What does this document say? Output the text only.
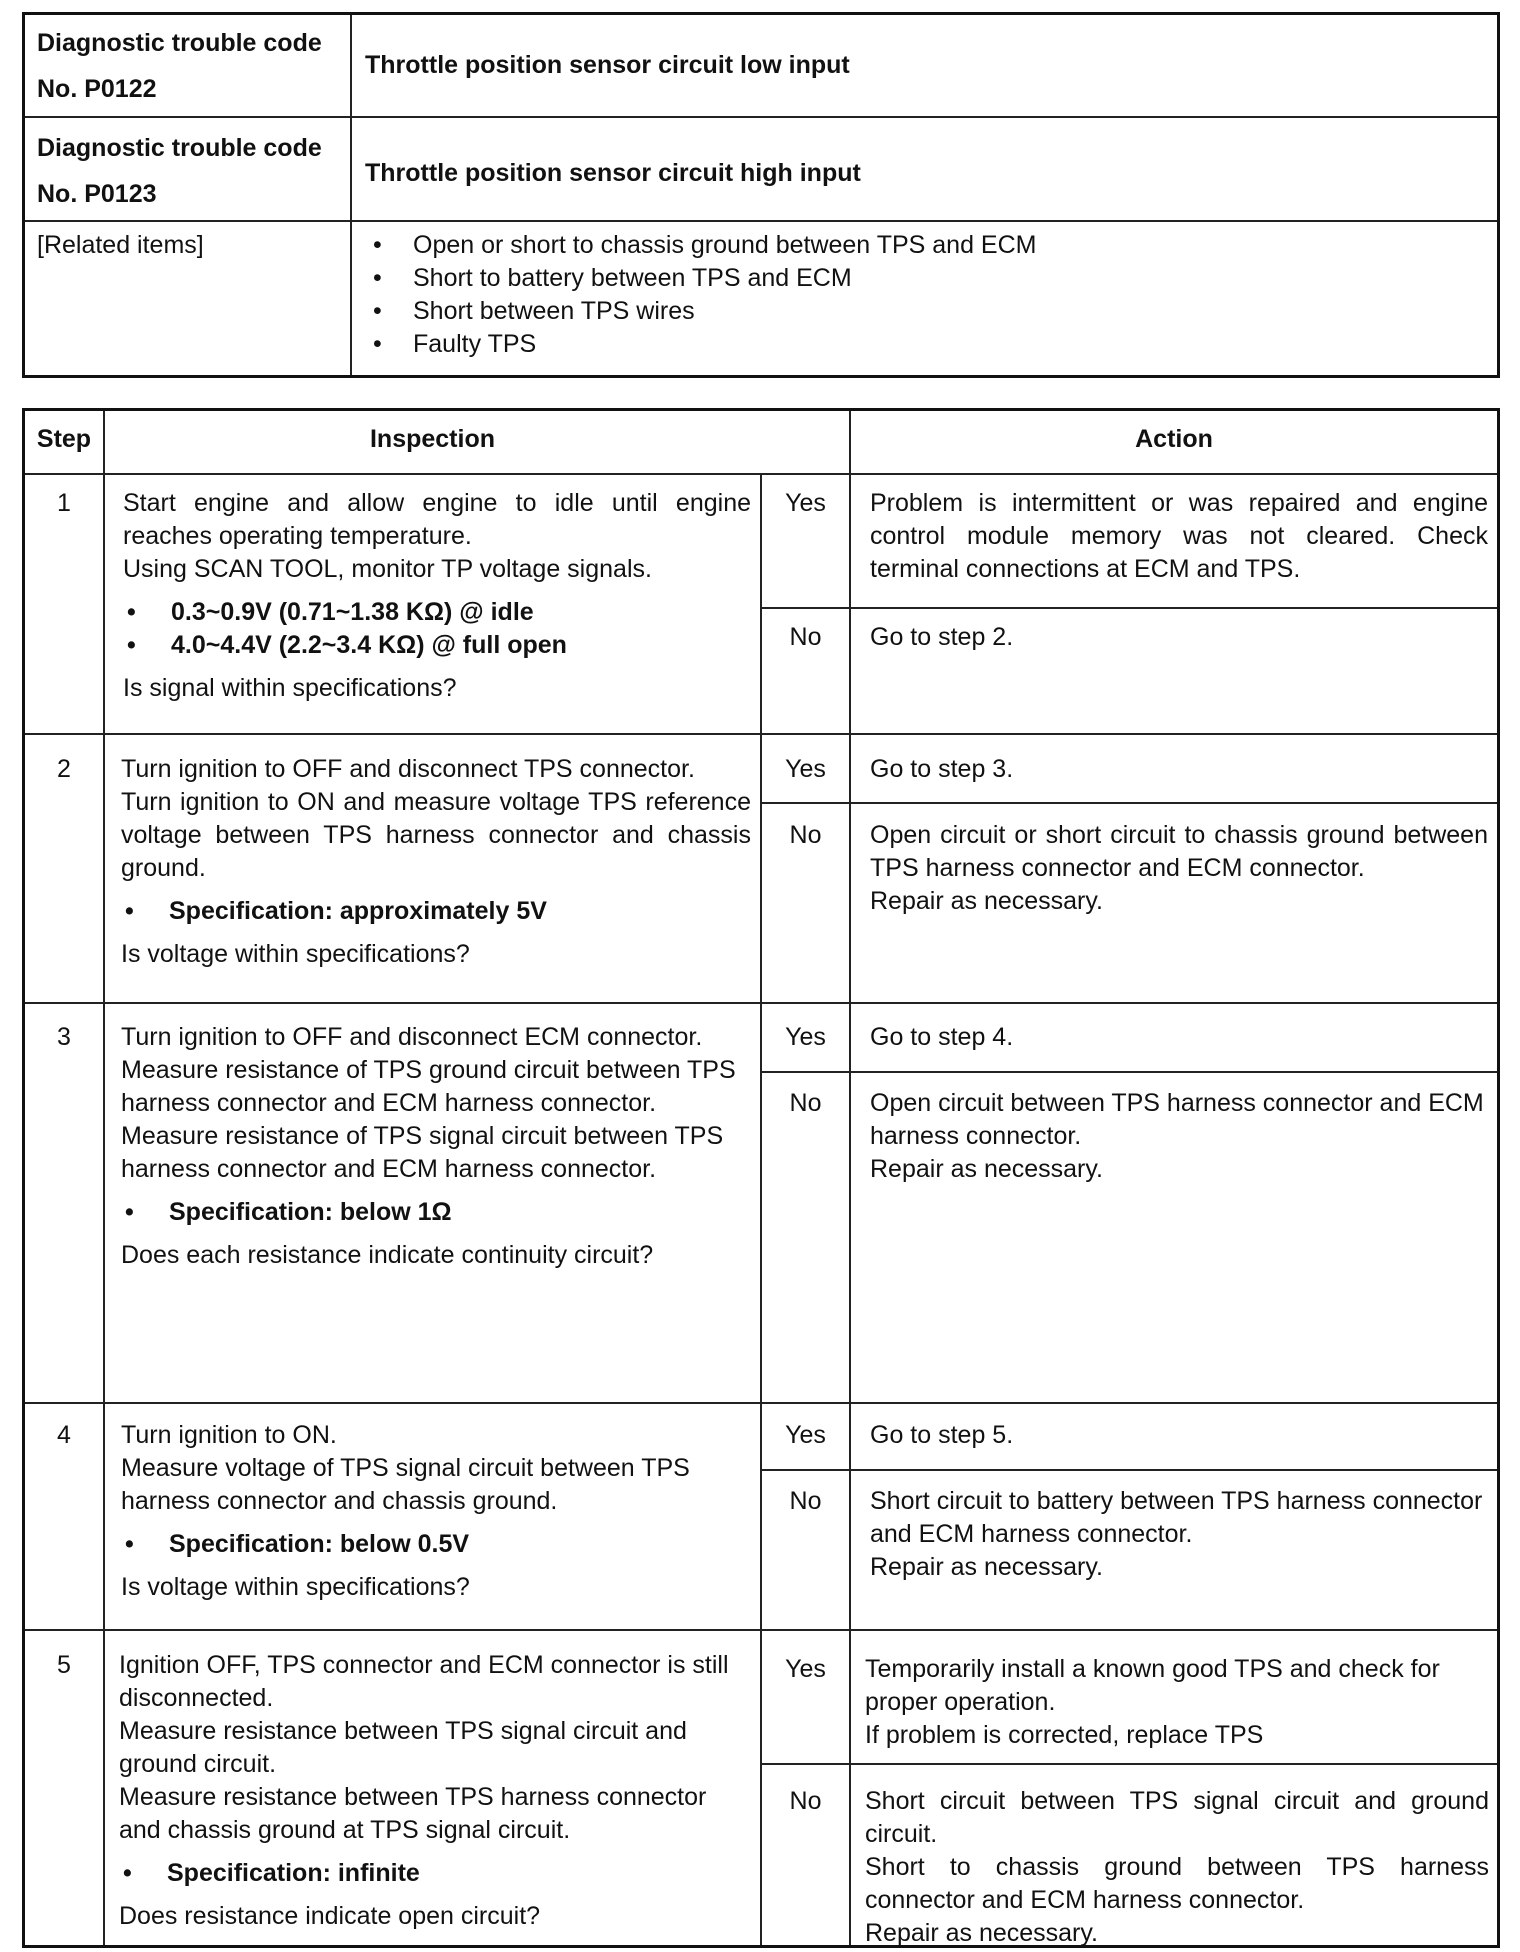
Diagnostic trouble code
No. P0122
Throttle position sensor circuit low input
Diagnostic trouble code
No. P0123
Throttle position sensor circuit high input
[Related items]
•	Open or short to chassis ground between TPS and ECM
• Short to battery between TPS and ECM
• Short between TPS wires
• Faulty TPS
Step	Inspection	Action
1	Start engine and allow engine to idle until engine reaches operating temperature.

Using SCAN TOOL, monitor TP voltage signals.

• 0.3~0.9V (0.71~1.38 KΩ) @ idle
• 4.0~4.4V (2.2~3.4 KΩ) @ full open

Is signal within specifications?

Yes
No
Problem is intermittent or was repaired and engine control module memory was not cleared. Check terminal connections at ECM and TPS.
Go to step 2.
2	Turn ignition to OFF and disconnect TPS connector.

Turn ignition to ON and measure voltage TPS reference voltage between TPS harness connector and chassis ground.

• Specification: approximately 5V

Is voltage within specifications?

Yes
No
Go to step 3.

Open circuit or short circuit to chassis ground between TPS harness connector and ECM connector.

Repair as necessary.

3	Turn ignition to OFF and disconnect ECM connector.

Measure resistance of TPS ground circuit between TPS harness connector and ECM harness connector.

Measure resistance of TPS signal circuit between TPS harness connector and ECM harness connector.

• Specification: below 1Ω

Does each resistance indicate continuity circuit?

Yes
No
Go to step 4.

Open circuit between TPS harness connector and ECM harness connector.

Repair as necessary.

4	Turn ignition to ON.

Measure voltage of TPS signal circuit between TPS harness connector and chassis ground.

• Specification: below 0.5V

Is voltage within specifications?

Yes
No
Go to step 5.

Short circuit to battery between TPS harness connector and ECM harness connector.

Repair as necessary.

5	Ignition OFF, TPS connector and ECM connector is still disconnected.

Measure resistance between TPS signal circuit and ground circuit.

Measure resistance between TPS harness connector and chassis ground at TPS signal circuit.

• Specification: infinite

Does resistance indicate open circuit?

Yes
No

Temporarily install a known good TPS and check for proper operation.

If problem is corrected, replace TPS

Short circuit between TPS signal circuit and ground circuit.

Short to chassis ground between TPS harness connector and ECM harness connector.

Repair as necessary.
